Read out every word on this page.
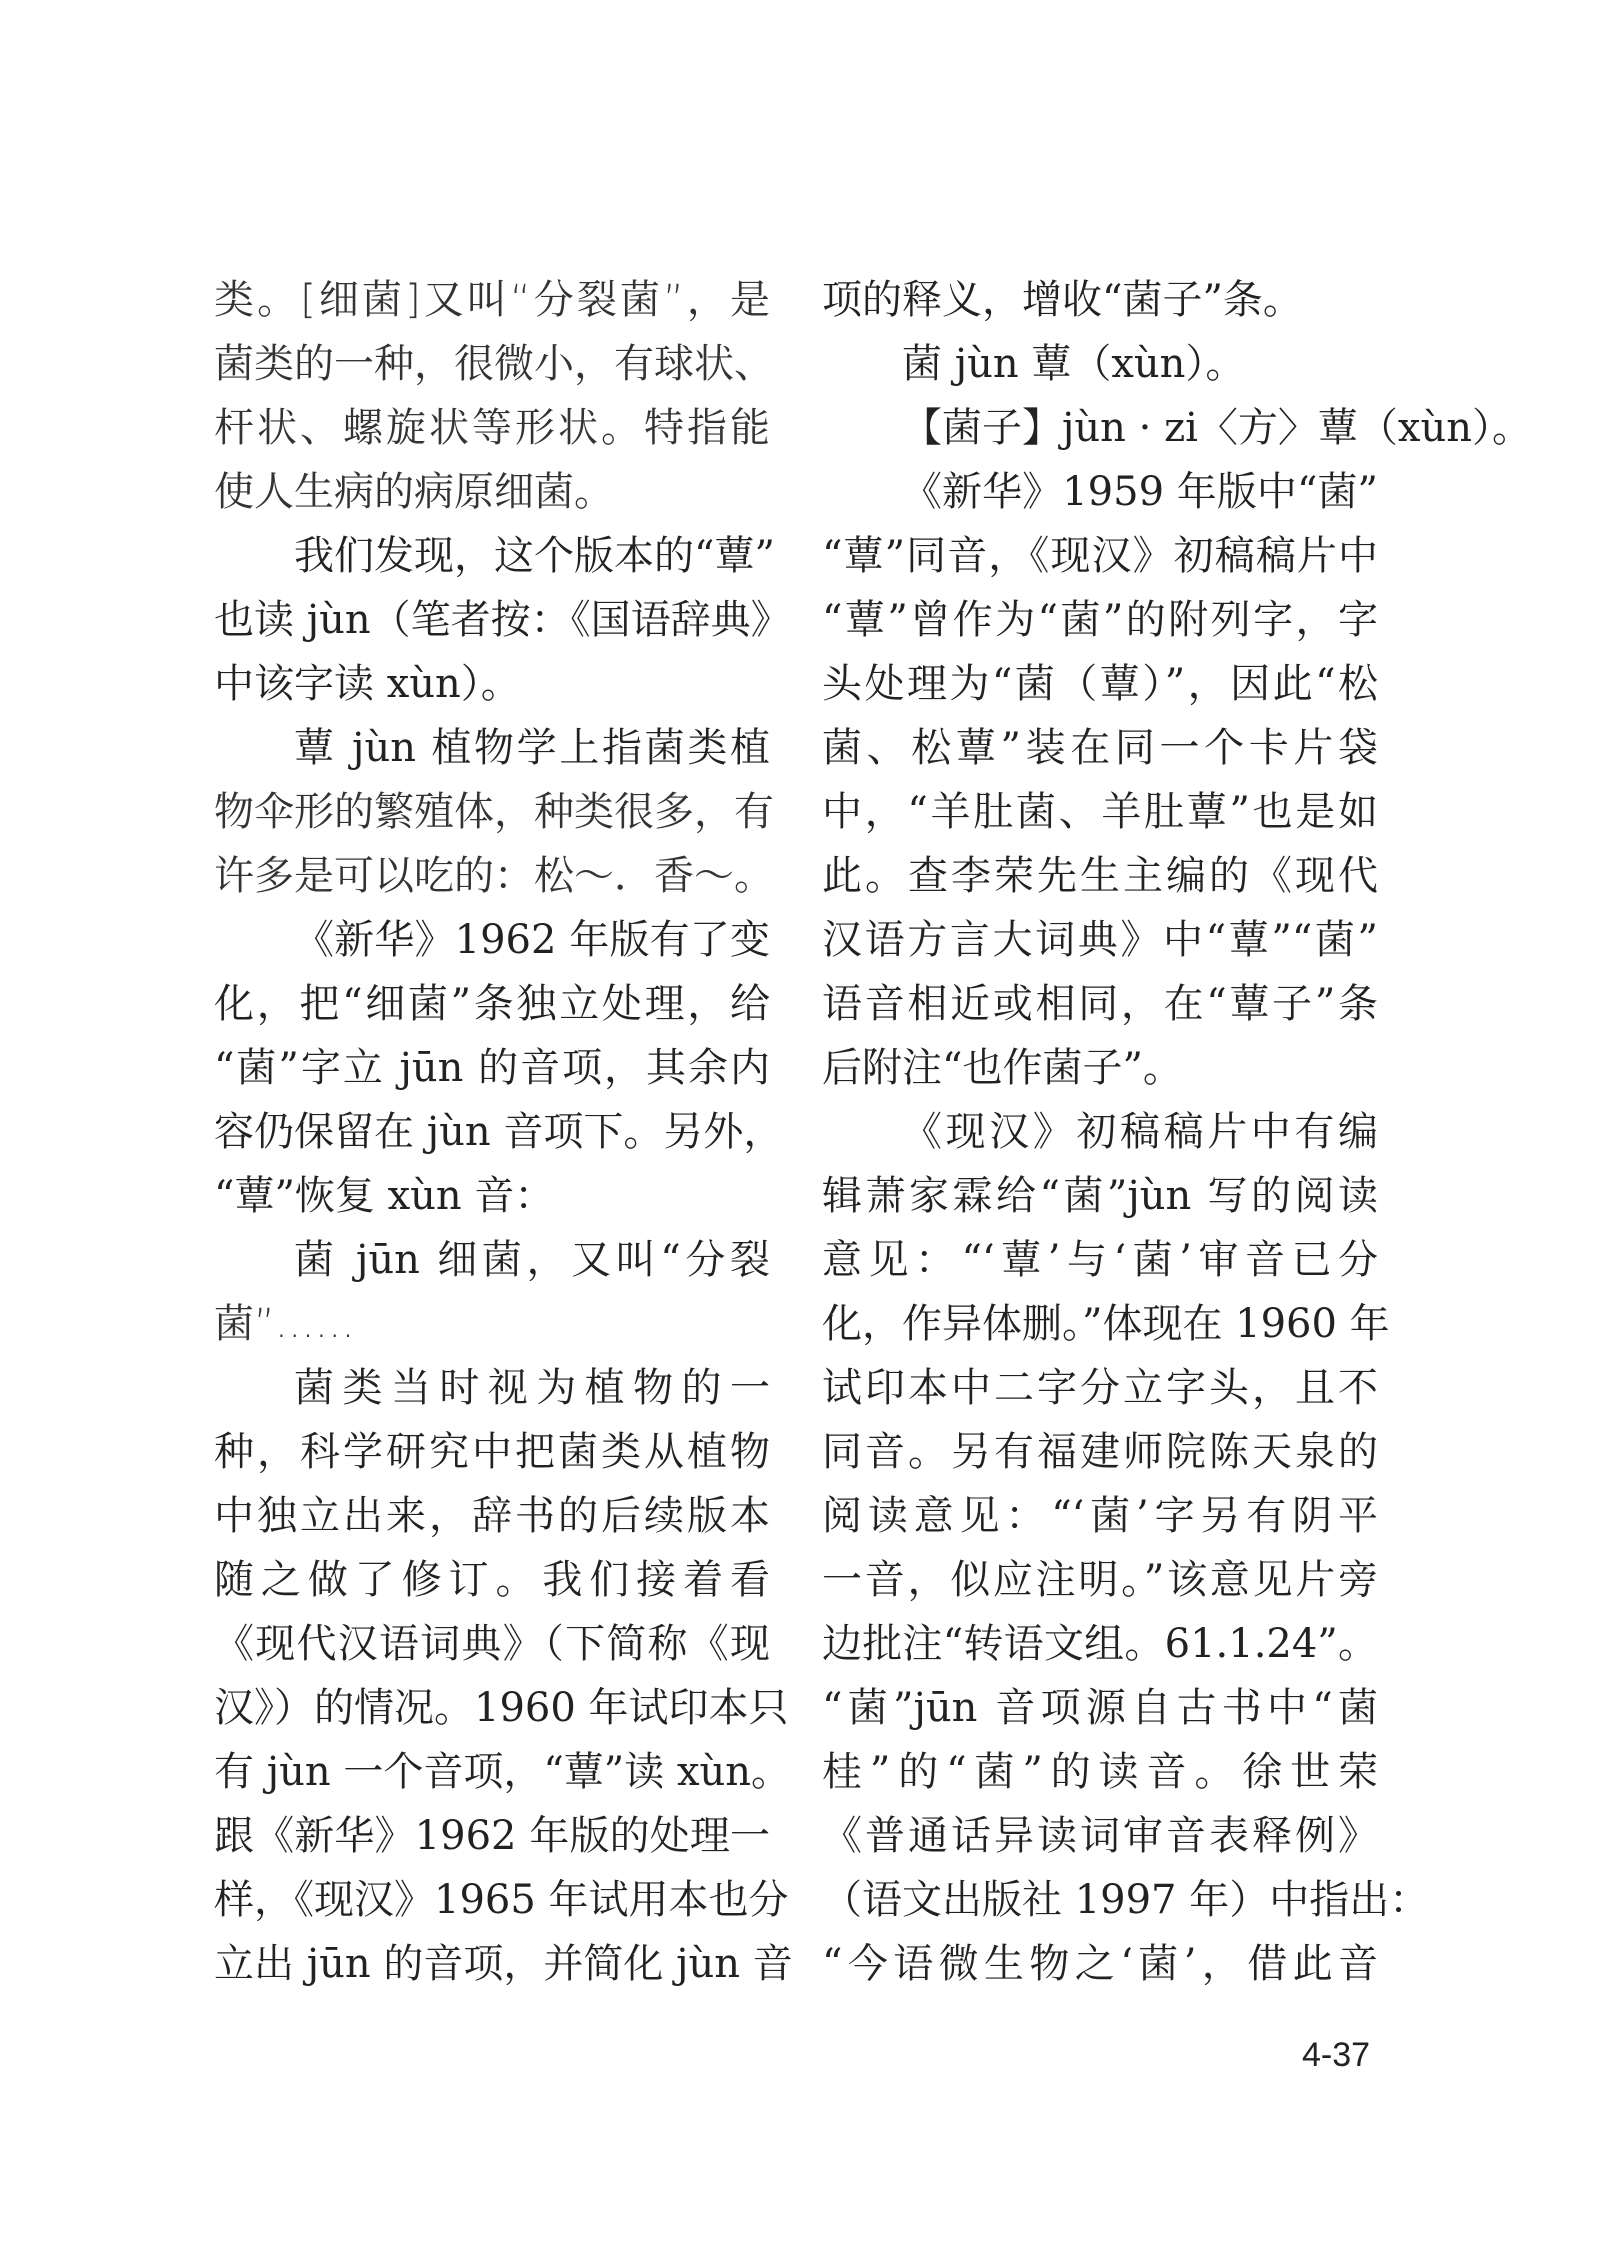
类。[细菌]又叫“分裂菌”，是
菌类的一种，很微小，有球状、
杆状、螺旋状等形状。特指能
使人生病的病原细菌。
我们发现，这个版本的“蕈”
也读 jùn（笔者按：《国语辞典》
中该字读 xùn）。
蕈 jùn 植物学上指菌类植
物伞形的繁殖体，种类很多，有
许多是可以吃的：松～．香～。
《新华》1962 年版有了变
化，把“细菌”条独立处理，给
“菌”字立 jūn 的音项，其余内
容仍保留在 jùn 音项下。另外，
“蕈”恢复 xùn 音：
菌 jūn 细菌，又叫“分裂
菌”……
菌类当时视为植物的一
种，科学研究中把菌类从植物
中独立出来，辞书的后续版本
随之做了修订。我们接着看
《现代汉语词典》（下简称《现
汉》）的情况。1960 年试印本只
有 jùn 一个音项，“蕈”读 xùn。
跟《新华》1962 年版的处理一
样，《现汉》1965 年试用本也分
立出 jūn 的音项，并简化 jùn 音
项的释义，增收“菌子”条。
菌 jùn 蕈（xùn）。
【菌子】jùn · zi〈方〉蕈（xùn）。
《新华》1959 年版中“菌”
“蕈”同音，《现汉》初稿稿片中
“蕈”曾作为“菌”的附列字，字
头处理为“菌（蕈）”，因此“松
菌、松蕈”装在同一个卡片袋
中，“羊肚菌、羊肚蕈”也是如
此。查李荣先生主编的《现代
汉语方言大词典》中“蕈”“菌”
语音相近或相同，在“蕈子”条
后附注“也作菌子”。
《现汉》初稿稿片中有编
辑萧家霖给“菌”jùn 写的阅读
意见：“‘蕈’与‘菌’审音已分
化，作异体删。”体现在 1960 年
试印本中二字分立字头，且不
同音。另有福建师院陈天泉的
阅读意见：“‘菌’字另有阴平
一音，似应注明。”该意见片旁
边批注“转语文组。61.1.24”。
“菌”jūn 音项源自古书中“菌
桂”的“菌”的读音。徐世荣
《普通话异读词审音表释例》
（语文出版社 1997 年）中指出：
“今语微生物之‘菌’，借此音
4-37
